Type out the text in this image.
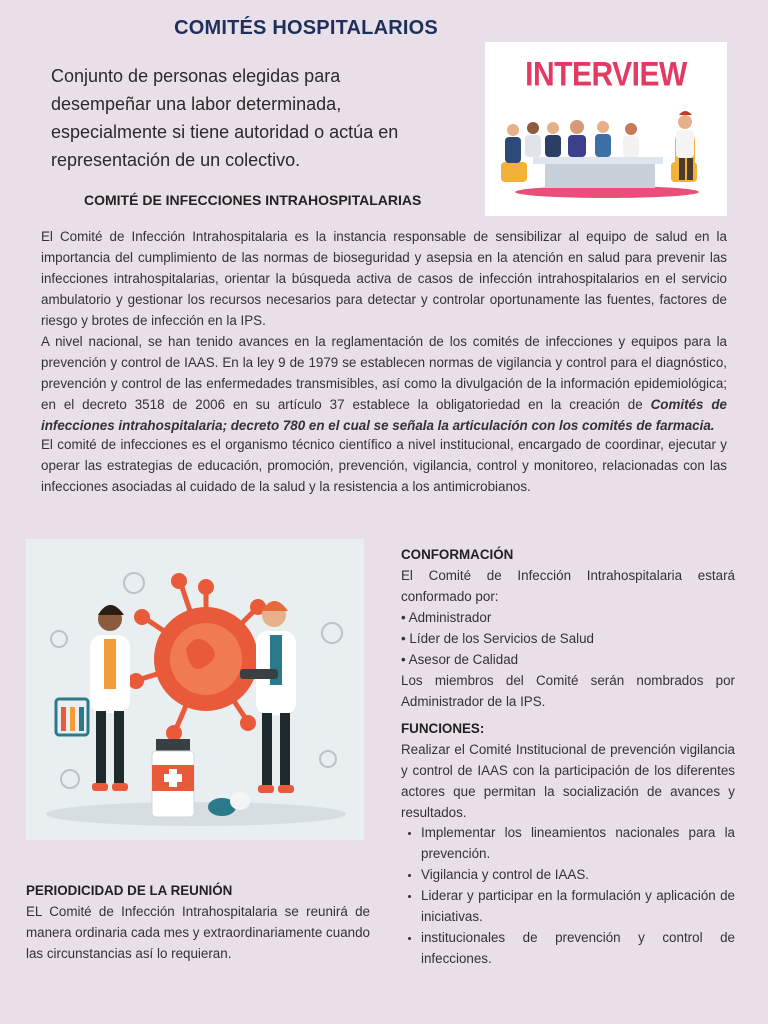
COMITÉS HOSPITALARIOS
Conjunto de personas elegidas para desempeñar una labor determinada, especialmente si tiene autoridad o actúa en representación de un colectivo.
INTERVIEW
COMITÉ DE INFECCIONES INTRAHOSPITALARIAS

El Comité de Infección Intrahospitalaria es la instancia responsable de sensibilizar al equipo de salud en la importancia del cumplimiento de las normas de bioseguridad y asepsia en la atención en salud para prevenir las infecciones intrahospitalarias, orientar la búsqueda activa de casos de infección intrahospitalarios en el servicio ambulatorio y gestionar los recursos necesarios para detectar y controlar oportunamente las fuentes, factores de riesgo y brotes de infección en la IPS.

A nivel nacional, se han tenido avances en la reglamentación de los comités de infecciones y equipos para la prevención y control de IAAS. En la ley 9 de 1979 se establecen normas de vigilancia y control para el diagnóstico, prevención y control de las enfermedades transmisibles, así como la divulgación de la información epidemiológica; en el decreto 3518 de 2006 en su artículo 37 establece la obligatoriedad en la creación de Comités de infecciones intrahospitalaria; decreto 780 en el cual se señala la articulación con los comités de farmacia.

El comité de infecciones es el organismo técnico científico a nivel institucional, encargado de coordinar, ejecutar y operar las estrategias de educación, promoción, prevención, vigilancia, control y monitoreo, relacionadas con las infecciones asociadas al cuidado de la salud y la resistencia a los antimicrobianos.
CONFORMACIÓN
El Comité de Infección Intrahospitalaria estará conformado por:
• Administrador
• Líder de los Servicios de Salud
• Asesor de Calidad
Los miembros del Comité serán nombrados por Administrador de la IPS.
FUNCIONES:
Realizar el Comité Institucional de prevención vigilancia y control de IAAS con la participación de los diferentes actores que permitan la socialización de avances y resultados.
• Implementar los lineamientos nacionales para la prevención.
• Vigilancia y control de IAAS.
• Liderar y participar en la formulación y aplicación de iniciativas.
• institucionales de prevención y control de infecciones.
PERIODICIDAD DE LA REUNIÓN
EL Comité de Infección Intrahospitalaria se reunirá de manera ordinaria cada mes y extraordinariamente cuando las circunstancias así lo requieran.
